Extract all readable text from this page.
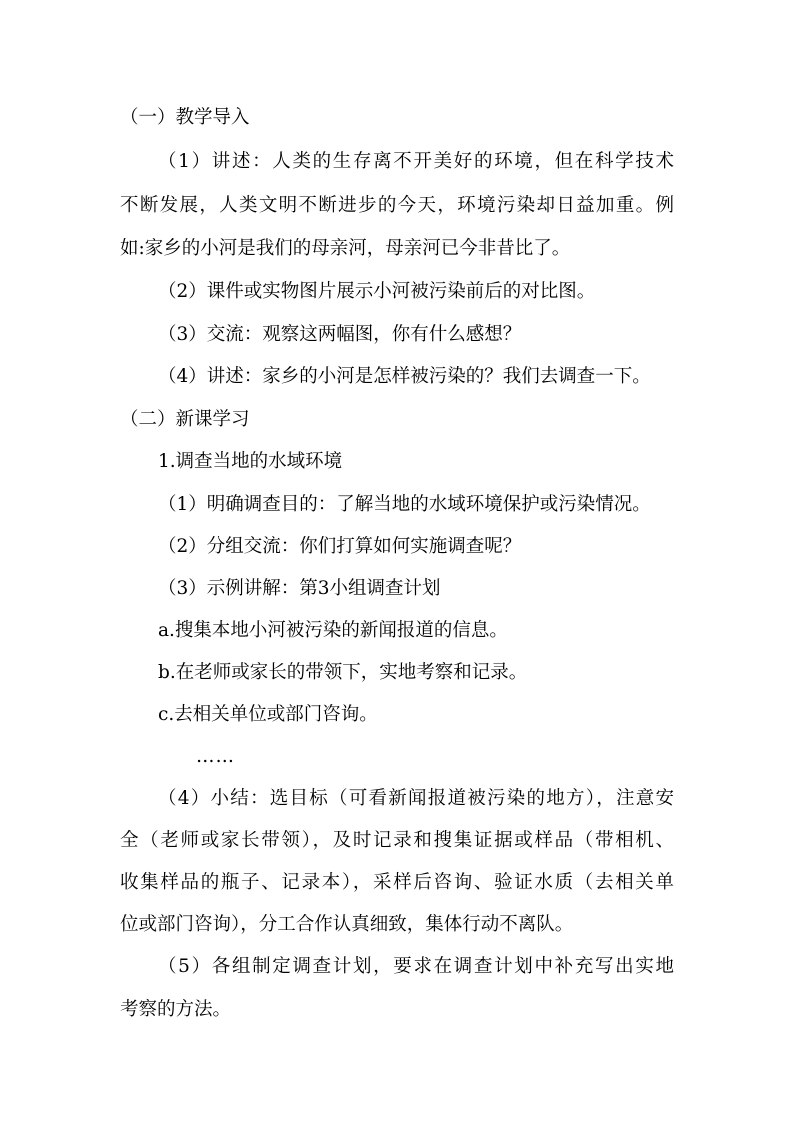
（一）教学导入
（1）讲述：人类的生存离不开美好的环境，但在科学技术
不断发展，人类文明不断进步的今天，环境污染却日益加重。例
如:家乡的小河是我们的母亲河，母亲河已今非昔比了。
（2）课件或实物图片展示小河被污染前后的对比图。
（3）交流：观察这两幅图，你有什么感想？
（4）讲述：家乡的小河是怎样被污染的？我们去调查一下。
（二）新课学习
1.调查当地的水域环境
（1）明确调查目的：了解当地的水域环境保护或污染情况。
（2）分组交流：你们打算如何实施调查呢？
（3）示例讲解：第3小组调查计划
a.搜集本地小河被污染的新闻报道的信息。
b.在老师或家长的带领下，实地考察和记录。
c.去相关单位或部门咨询。
……
（4）小结：选目标（可看新闻报道被污染的地方），注意安
全（老师或家长带领），及时记录和搜集证据或样品（带相机、
收集样品的瓶子、记录本），采样后咨询、验证水质（去相关单
位或部门咨询），分工合作认真细致，集体行动不离队。
（5）各组制定调查计划，要求在调查计划中补充写出实地
考察的方法。
